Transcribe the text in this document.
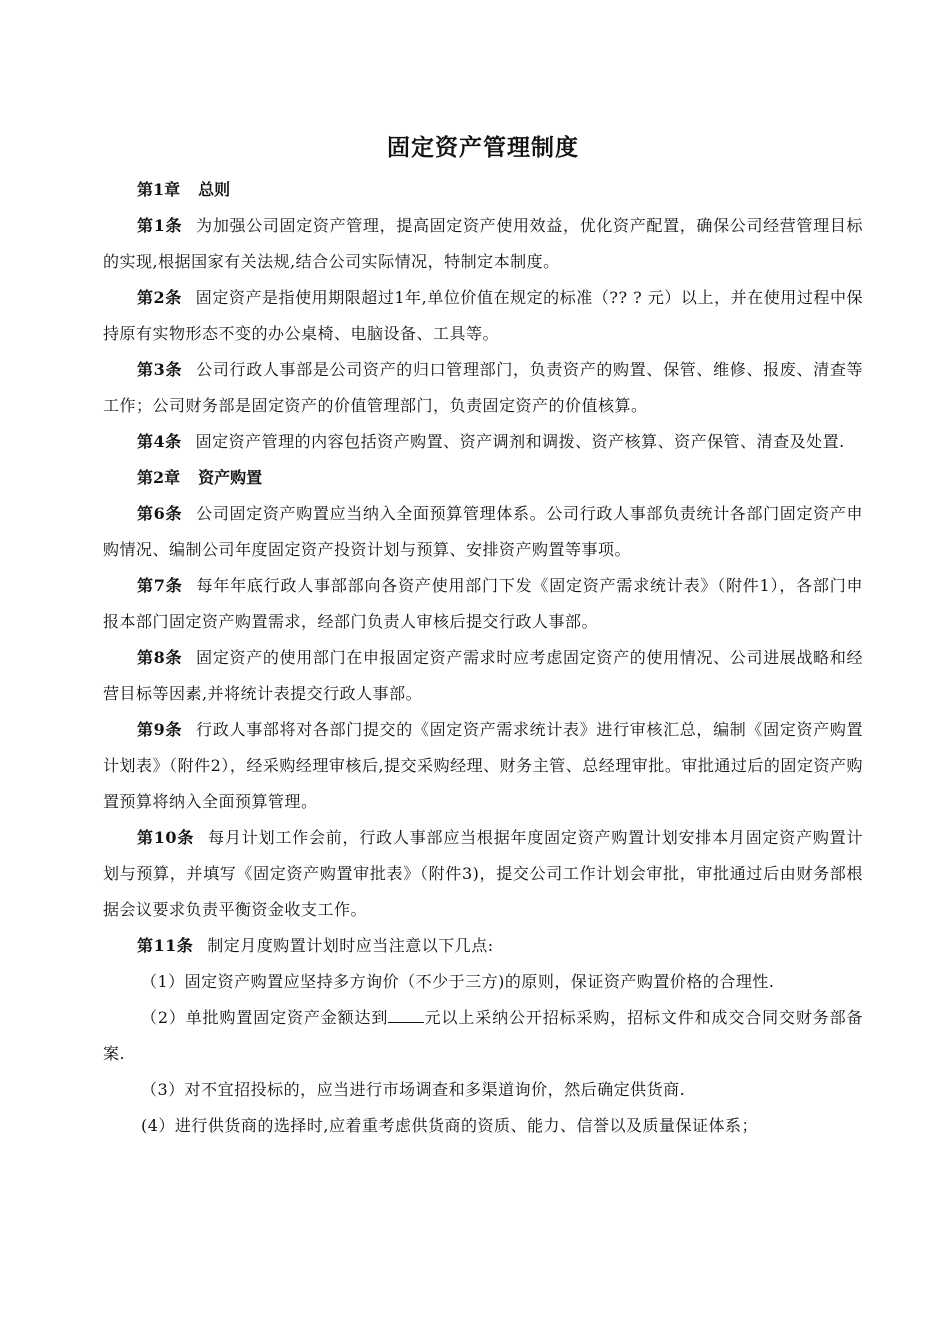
固定资产管理制度
第1章 总则
第1条 为加强公司固定资产管理，提高固定资产使用效益，优化资产配置，确保公司经营管理目标的实现,根据国家有关法规,结合公司实际情况，特制定本制度。
第2条 固定资产是指使用期限超过1年,单位价值在规定的标准（?? ? 元）以上，并在使用过程中保持原有实物形态不变的办公桌椅、电脑设备、工具等。
第3条 公司行政人事部是公司资产的归口管理部门，负责资产的购置、保管、维修、报废、清查等工作；公司财务部是固定资产的价值管理部门，负责固定资产的价值核算。
第4条 固定资产管理的内容包括资产购置、资产调剂和调拨、资产核算、资产保管、清查及处置.
第2章 资产购置
第6条 公司固定资产购置应当纳入全面预算管理体系。公司行政人事部负责统计各部门固定资产申购情况、编制公司年度固定资产投资计划与预算、安排资产购置等事项。
第7条 每年年底行政人事部部向各资产使用部门下发《固定资产需求统计表》（附件1），各部门申报本部门固定资产购置需求，经部门负责人审核后提交行政人事部。
第8条 固定资产的使用部门在申报固定资产需求时应考虑固定资产的使用情况、公司进展战略和经营目标等因素,并将统计表提交行政人事部。
第9条 行政人事部将对各部门提交的《固定资产需求统计表》进行审核汇总，编制《固定资产购置计划表》（附件2），经采购经理审核后,提交采购经理、财务主管、总经理审批。审批通过后的固定资产购置预算将纳入全面预算管理。
第10条 每月计划工作会前，行政人事部应当根据年度固定资产购置计划安排本月固定资产购置计划与预算，并填写《固定资产购置审批表》（附件3)，提交公司工作计划会审批，审批通过后由财务部根据会议要求负责平衡资金收支工作。
第11条 制定月度购置计划时应当注意以下几点:
（1）固定资产购置应坚持多方询价（不少于三方)的原则，保证资产购置价格的合理性.
（2）单批购置固定资产金额达到 元以上采纳公开招标采购，招标文件和成交合同交财务部备案.
（3）对不宜招投标的，应当进行市场调查和多渠道询价，然后确定供货商.
(4）进行供货商的选择时,应着重考虑供货商的资质、能力、信誉以及质量保证体系；
